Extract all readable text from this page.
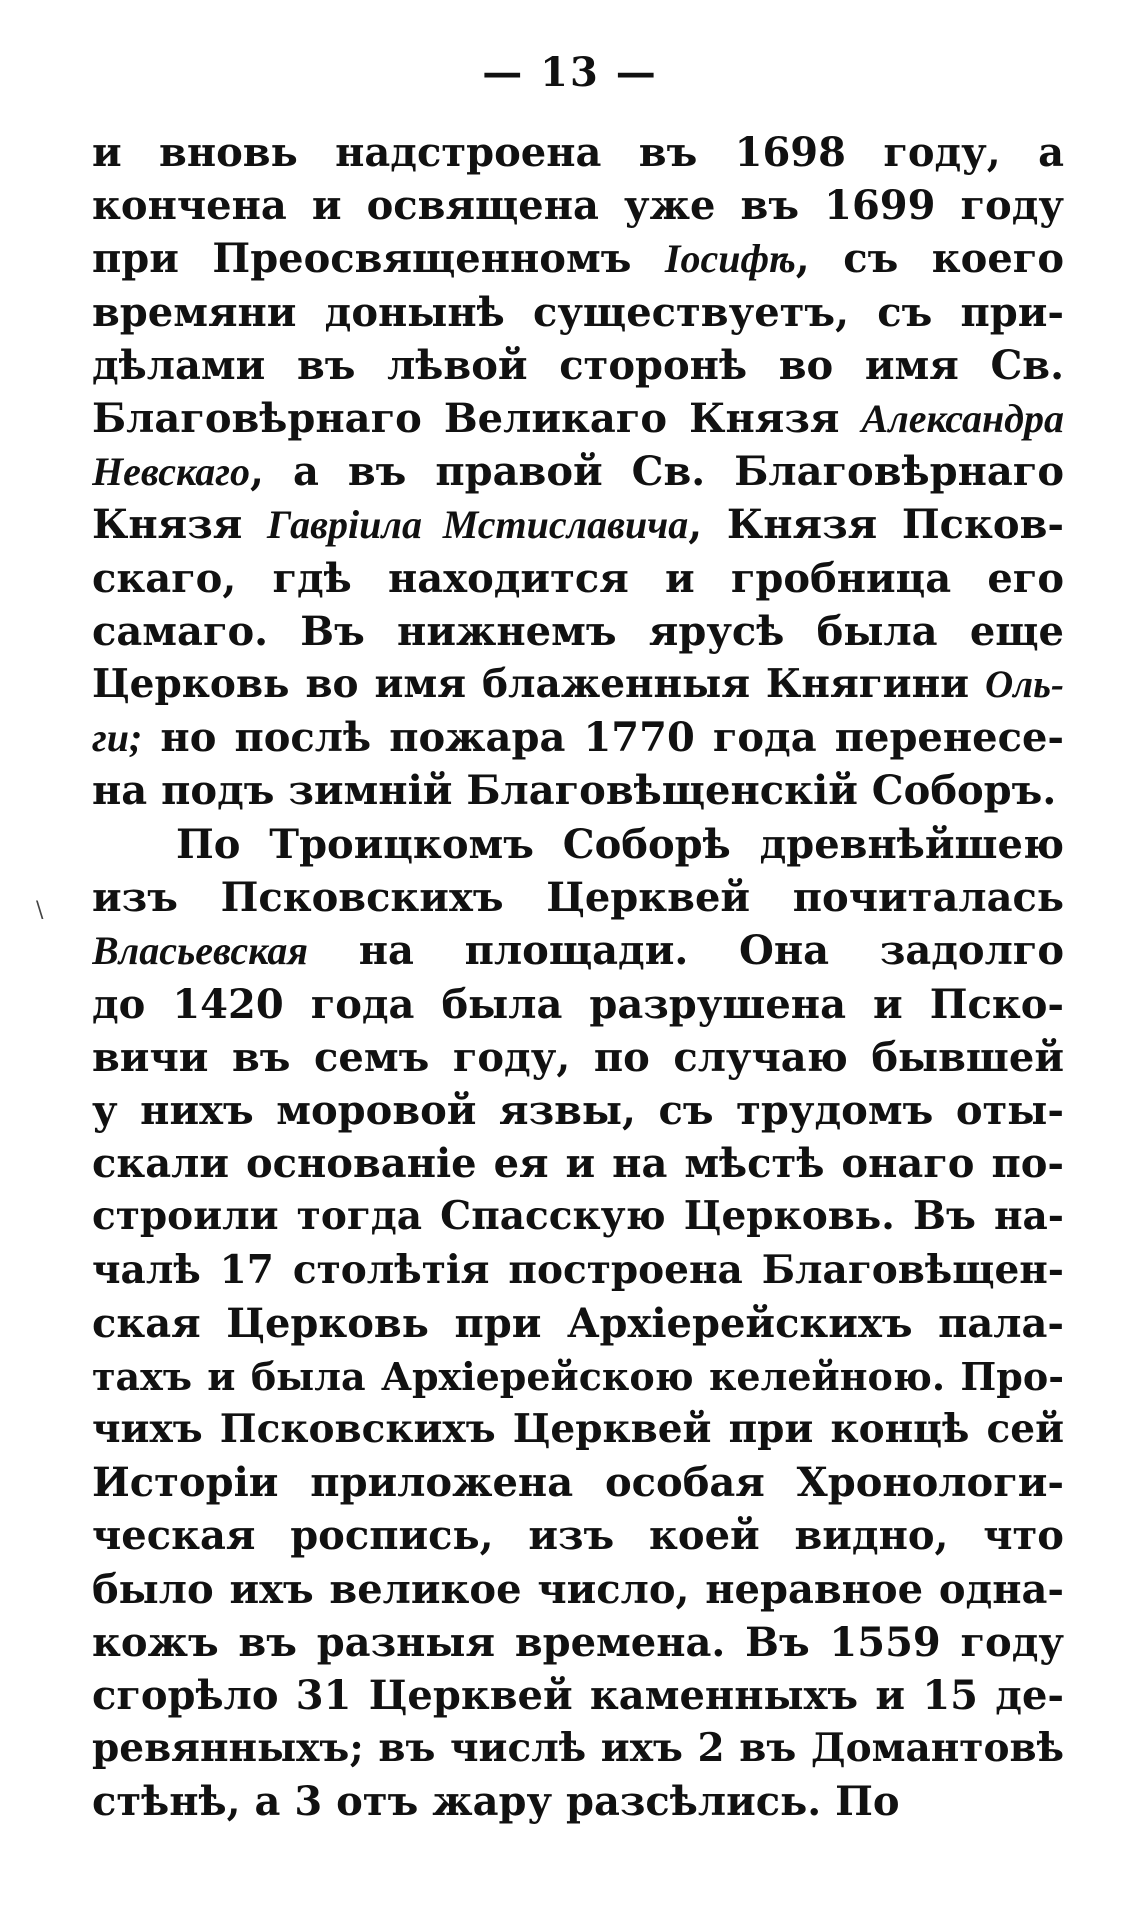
— 13 —
и вновь надстроена въ 1698 году, а
кончена и освящена уже въ 1699 году
при Преосвященномъ Іосифѣ, съ коего
времяни донынѣ существуетъ, съ при-
дѣлами въ лѣвой сторонѣ во имя Св.
Благовѣрнаго Великаго Князя Александра
Невскаго, а въ правой Св. Благовѣрнаго
Князя Гавріила Мстиславича, Князя Псков-
скаго, гдѣ находится и гробница его
самаго. Въ нижнемъ ярусѣ была еще
Церковь во имя блаженныя Княгини Оль-
ги; но послѣ пожара 1770 года перенесе-
на подъ зимній Благовѣщенскій Соборъ.
По Троицкомъ Соборѣ древнѣйшею
изъ Псковскихъ Церквей почиталась
Власьевская на площади. Она задолго
до 1420 года была разрушена и Пско-
вичи въ семъ году, по случаю бывшей
у нихъ моровой язвы, съ трудомъ оты-
скали основаніе ея и на мѣстѣ онаго по-
строили тогда Спасскую Церковь. Въ на-
чалѣ 17 столѣтія построена Благовѣщен-
ская Церковь при Архіерейскихъ пала-
тахъ и была Архіерейскою келейною. Про-
чихъ Псковскихъ Церквей при концѣ сей
Исторіи приложена особая Хронологи-
ческая роспись, изъ коей видно, что
было ихъ великое число, неравное одна-
кожъ въ разныя времена. Въ 1559 году
сгорѣло 31 Церквей каменныхъ и 15 де-
ревянныхъ; въ числѣ ихъ 2 въ Домантовѣ
стѣнѣ, а 3 отъ жару разсѣлись. По
\
